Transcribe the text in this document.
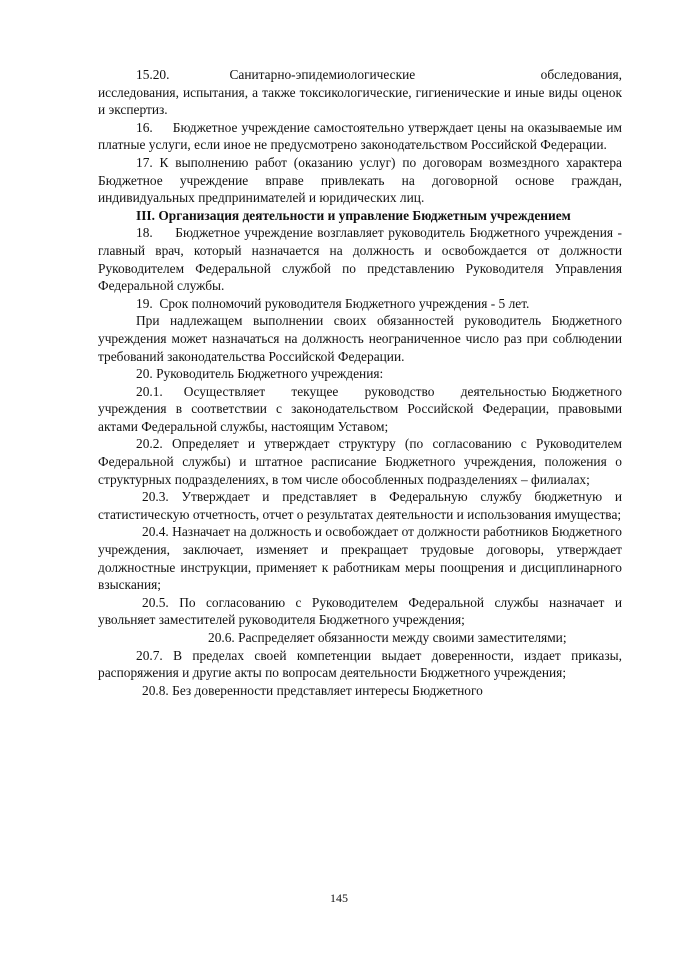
15.20.           Санитарно-эпидемиологические                       обследования, исследования, испытания, а также токсикологические, гигиенические и иные виды оценок и экспертиз.

16.     Бюджетное учреждение самостоятельно утверждает цены на оказываемые им платные услуги, если иное не предусмотрено законодательством Российской Федерации.

17. К выполнению работ (оказанию услуг) по договорам возмездного характера Бюджетное учреждение вправе привлекать на договорной основе граждан, индивидуальных предпринимателей и юридических лиц.

III. Организация деятельности и управление Бюджетным учреждением

18.     Бюджетное учреждение возглавляет руководитель Бюджетного учреждения - главный врач, который назначается на должность и освобождается от должности Руководителем Федеральной службой по представлению Руководителя Управления Федеральной службы.

19.  Срок полномочий руководителя Бюджетного учреждения - 5 лет.

При надлежащем выполнении своих обязанностей руководитель Бюджетного учреждения может назначаться на должность неограниченное число раз при соблюдении требований законодательства Российской Федерации.

20. Руководитель Бюджетного учреждения:

20.1.    Осуществляет     текущее     руководство     деятельностью Бюджетного учреждения в соответствии с законодательством Российской Федерации, правовыми актами Федеральной службы, настоящим Уставом;

20.2. Определяет и утверждает структуру (по согласованию с Руководителем Федеральной службы) и штатное расписание Бюджетного учреждения, положения о структурных подразделениях, в том числе обособленных подразделениях – филиалах;

20.3. Утверждает и представляет в Федеральную службу бюджетную и статистическую отчетность, отчет о результатах деятельности и использования имущества;

20.4. Назначает на должность и освобождает от должности работников Бюджетного учреждения, заключает, изменяет и прекращает трудовые договоры, утверждает должностные инструкции, применяет к работникам меры поощрения и дисциплинарного взыскания;

20.5. По согласованию с Руководителем Федеральной службы назначает и увольняет заместителей руководителя Бюджетного учреждения;

20.6. Распределяет обязанности между своими заместителями;

20.7. В пределах своей компетенции выдает доверенности, издает приказы, распоряжения и другие акты по вопросам деятельности Бюджетного учреждения;

20.8. Без доверенности представляет интересы Бюджетного

145
